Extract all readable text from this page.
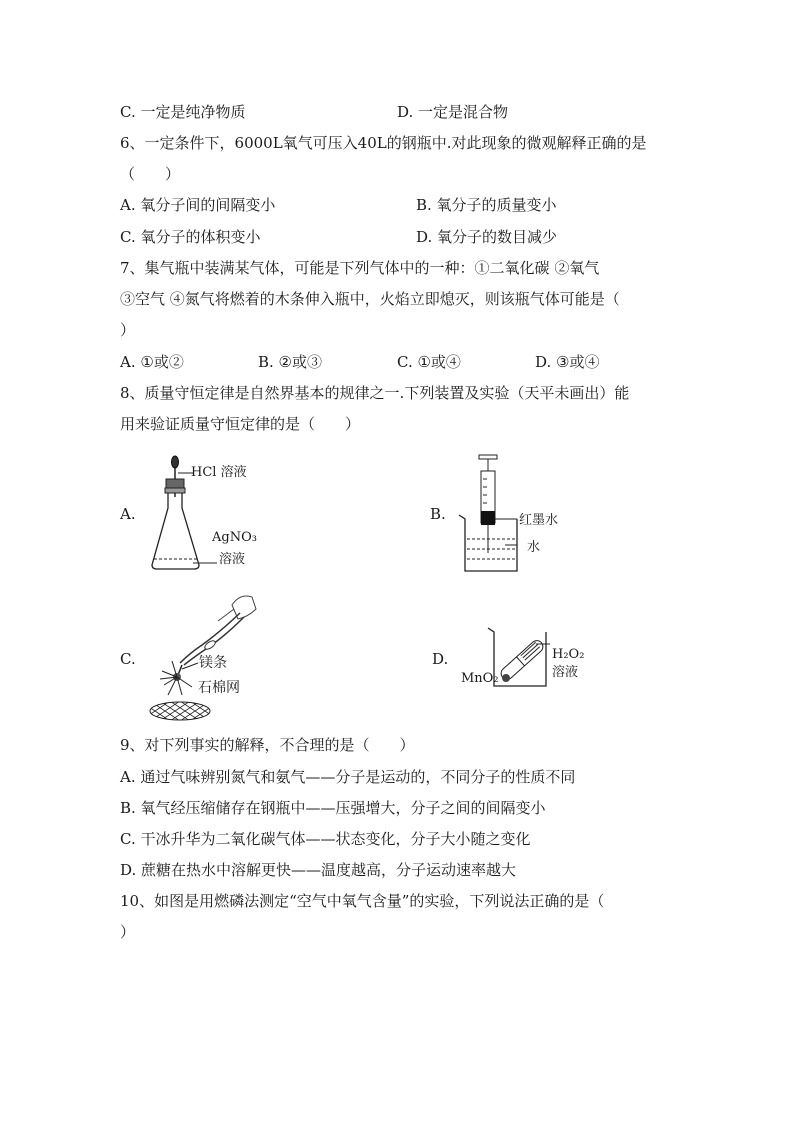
C. 一定是纯净物质	D. 一定是混合物
6、一定条件下，6000L氧气可压入40L的钢瓶中.对此现象的微观解释正确的是
（　　）
A. 氧分子间的间隔变小	B. 氧分子的质量变小
C. 氧分子的体积变小	D. 氧分子的数目减少
7、集气瓶中装满某气体，可能是下列气体中的一种：①二氧化碳 ②氧气
③空气 ④氮气将燃着的木条伸入瓶中，火焰立即熄灭，则该瓶气体可能是（
）
A. ①或②	B. ②或③	C. ①或④	D. ③或④
8、质量守恒定律是自然界基本的规律之一.下列装置及实验（天平未画出）能
用来验证质量守恒定律的是（　　）
A.
HCl 溶液
AgNO₃
溶液
B.	红墨水
水
C.	镁条
石棉网
D.	H₂O₂
溶液
MnO₂
9、对下列事实的解释，不合理的是（　　）
A. 通过气味辨别氮气和氨气——分子是运动的，不同分子的性质不同
B. 氧气经压缩储存在钢瓶中——压强增大，分子之间的间隔变小
C. 干冰升华为二氧化碳气体——状态变化，分子大小随之变化
D. 蔗糖在热水中溶解更快——温度越高，分子运动速率越大
10、如图是用燃磷法测定“空气中氧气含量”的实验，下列说法正确的是（
）
